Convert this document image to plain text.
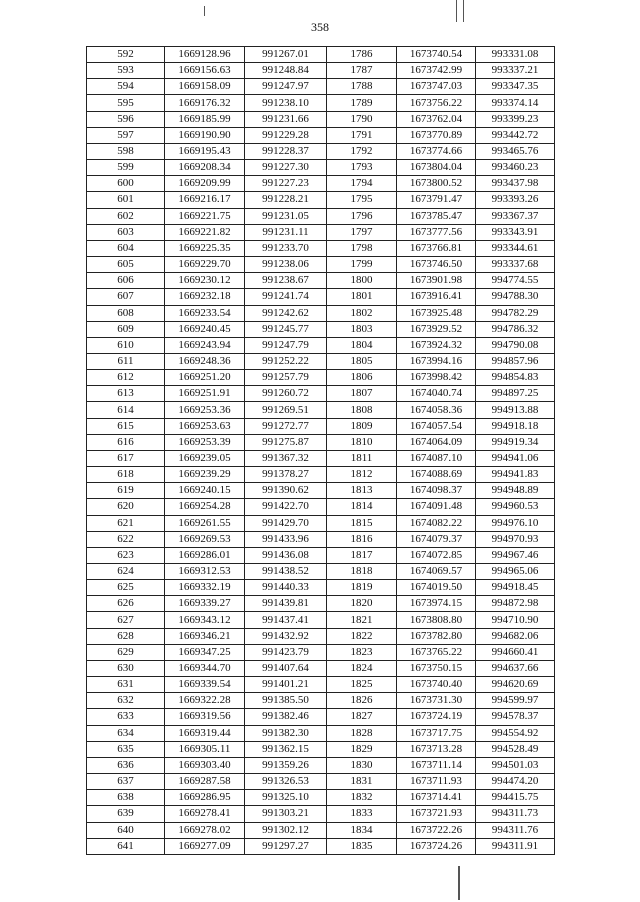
358
592	1669128.96	991267.01	1786	1673740.54	993331.08
593	1669156.63	991248.84	1787	1673742.99	993337.21
594	1669158.09	991247.97	1788	1673747.03	993347.35
595	1669176.32	991238.10	1789	1673756.22	993374.14
596	1669185.99	991231.66	1790	1673762.04	993399.23
597	1669190.90	991229.28	1791	1673770.89	993442.72
598	1669195.43	991228.37	1792	1673774.66	993465.76
599	1669208.34	991227.30	1793	1673804.04	993460.23
600	1669209.99	991227.23	1794	1673800.52	993437.98
601	1669216.17	991228.21	1795	1673791.47	993393.26
602	1669221.75	991231.05	1796	1673785.47	993367.37
603	1669221.82	991231.11	1797	1673777.56	993343.91
604	1669225.35	991233.70	1798	1673766.81	993344.61
605	1669229.70	991238.06	1799	1673746.50	993337.68
606	1669230.12	991238.67	1800	1673901.98	994774.55
607	1669232.18	991241.74	1801	1673916.41	994788.30
608	1669233.54	991242.62	1802	1673925.48	994782.29
609	1669240.45	991245.77	1803	1673929.52	994786.32
610	1669243.94	991247.79	1804	1673924.32	994790.08
611	1669248.36	991252.22	1805	1673994.16	994857.96
612	1669251.20	991257.79	1806	1673998.42	994854.83
613	1669251.91	991260.72	1807	1674040.74	994897.25
614	1669253.36	991269.51	1808	1674058.36	994913.88
615	1669253.63	991272.77	1809	1674057.54	994918.18
616	1669253.39	991275.87	1810	1674064.09	994919.34
617	1669239.05	991367.32	1811	1674087.10	994941.06
618	1669239.29	991378.27	1812	1674088.69	994941.83
619	1669240.15	991390.62	1813	1674098.37	994948.89
620	1669254.28	991422.70	1814	1674091.48	994960.53
621	1669261.55	991429.70	1815	1674082.22	994976.10
622	1669269.53	991433.96	1816	1674079.37	994970.93
623	1669286.01	991436.08	1817	1674072.85	994967.46
624	1669312.53	991438.52	1818	1674069.57	994965.06
625	1669332.19	991440.33	1819	1674019.50	994918.45
626	1669339.27	991439.81	1820	1673974.15	994872.98
627	1669343.12	991437.41	1821	1673808.80	994710.90
628	1669346.21	991432.92	1822	1673782.80	994682.06
629	1669347.25	991423.79	1823	1673765.22	994660.41
630	1669344.70	991407.64	1824	1673750.15	994637.66
631	1669339.54	991401.21	1825	1673740.40	994620.69
632	1669322.28	991385.50	1826	1673731.30	994599.97
633	1669319.56	991382.46	1827	1673724.19	994578.37
634	1669319.44	991382.30	1828	1673717.75	994554.92
635	1669305.11	991362.15	1829	1673713.28	994528.49
636	1669303.40	991359.26	1830	1673711.14	994501.03
637	1669287.58	991326.53	1831	1673711.93	994474.20
638	1669286.95	991325.10	1832	1673714.41	994415.75
639	1669278.41	991303.21	1833	1673721.93	994311.73
640	1669278.02	991302.12	1834	1673722.26	994311.76
641	1669277.09	991297.27	1835	1673724.26	994311.91
